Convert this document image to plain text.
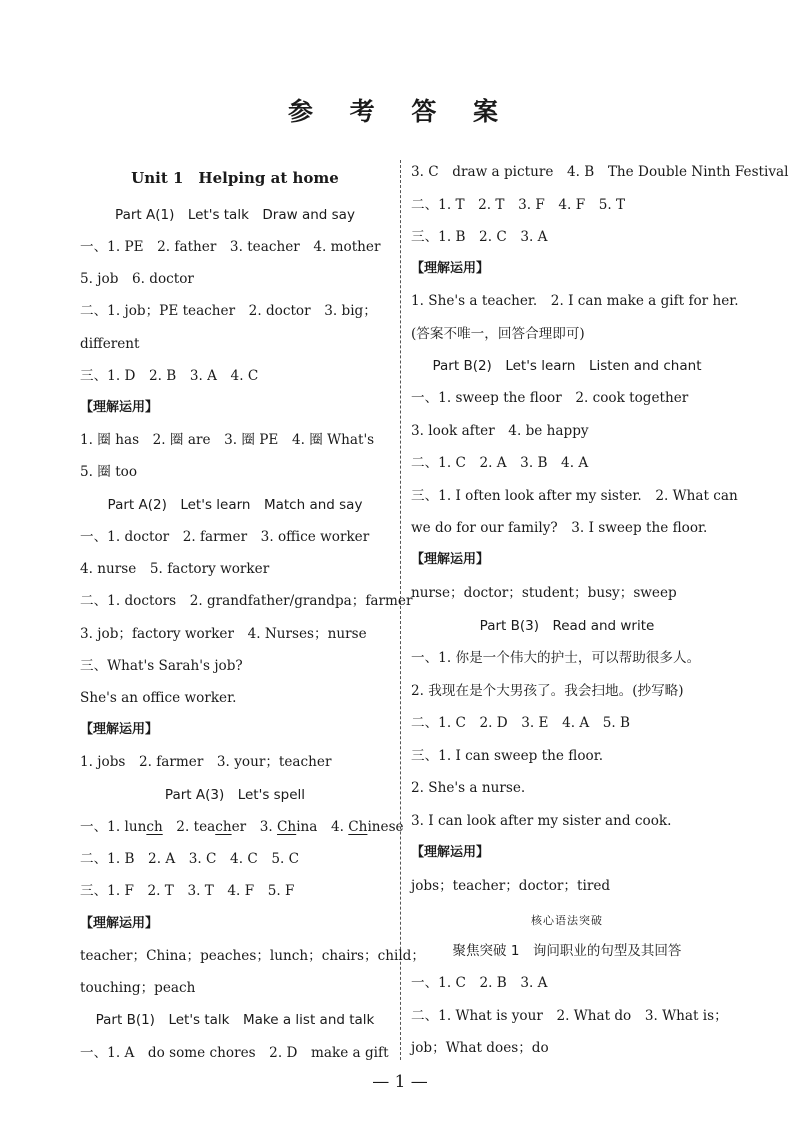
参 考 答 案
Unit 1　Helping at home
Part A(1)　Let's talk　Draw and say
一、1. PE　2. father　3. teacher　4. mother
5. job　6. doctor
二、1. job；PE teacher　2. doctor　3. big；
different
三、1. D　2. B　3. A　4. C
【理解运用】
1. 圈 has　2. 圈 are　3. 圈 PE　4. 圈 What's
5. 圈 too
Part A(2)　Let's learn　Match and say
一、1. doctor　2. farmer　3. office worker
4. nurse　5. factory worker
二、1. doctors　2. grandfather/grandpa；farmer
3. job；factory worker　4. Nurses；nurse
三、What's Sarah's job?
She's an office worker.
【理解运用】
1. jobs　2. farmer　3. your；teacher
Part A(3)　Let's spell
一、1. lunch　2. teacher　3. China　4. Chinese
二、1. B　2. A　3. C　4. C　5. C
三、1. F　2. T　3. T　4. F　5. F
【理解运用】
teacher；China；peaches；lunch；chairs；child；
touching；peach
Part B(1)　Let's talk　Make a list and talk
一、1. A　do some chores　2. D　make a gift
3. C　draw a picture　4. B　The Double Ninth Festival
二、1. T　2. T　3. F　4. F　5. T
三、1. B　2. C　3. A
【理解运用】
1. She's a teacher.　2. I can make a gift for her.
(答案不唯一，回答合理即可)
Part B(2)　Let's learn　Listen and chant
一、1. sweep the floor　2. cook together
3. look after　4. be happy
二、1. C　2. A　3. B　4. A
三、1. I often look after my sister.　2. What can
we do for our family?　3. I sweep the floor.
【理解运用】
nurse；doctor；student；busy；sweep
Part B(3)　Read and write
一、1. 你是一个伟大的护士，可以帮助很多人。
2. 我现在是个大男孩了。我会扫地。(抄写略)
二、1. C　2. D　3. E　4. A　5. B
三、1. I can sweep the floor.
2. She's a nurse.
3. I can look after my sister and cook.
【理解运用】
jobs；teacher；doctor；tired
核心语法突破
聚焦突破 1　询问职业的句型及其回答
一、1. C　2. B　3. A
二、1. What is your　2. What do　3. What is；
job；What does；do
— 1 —
